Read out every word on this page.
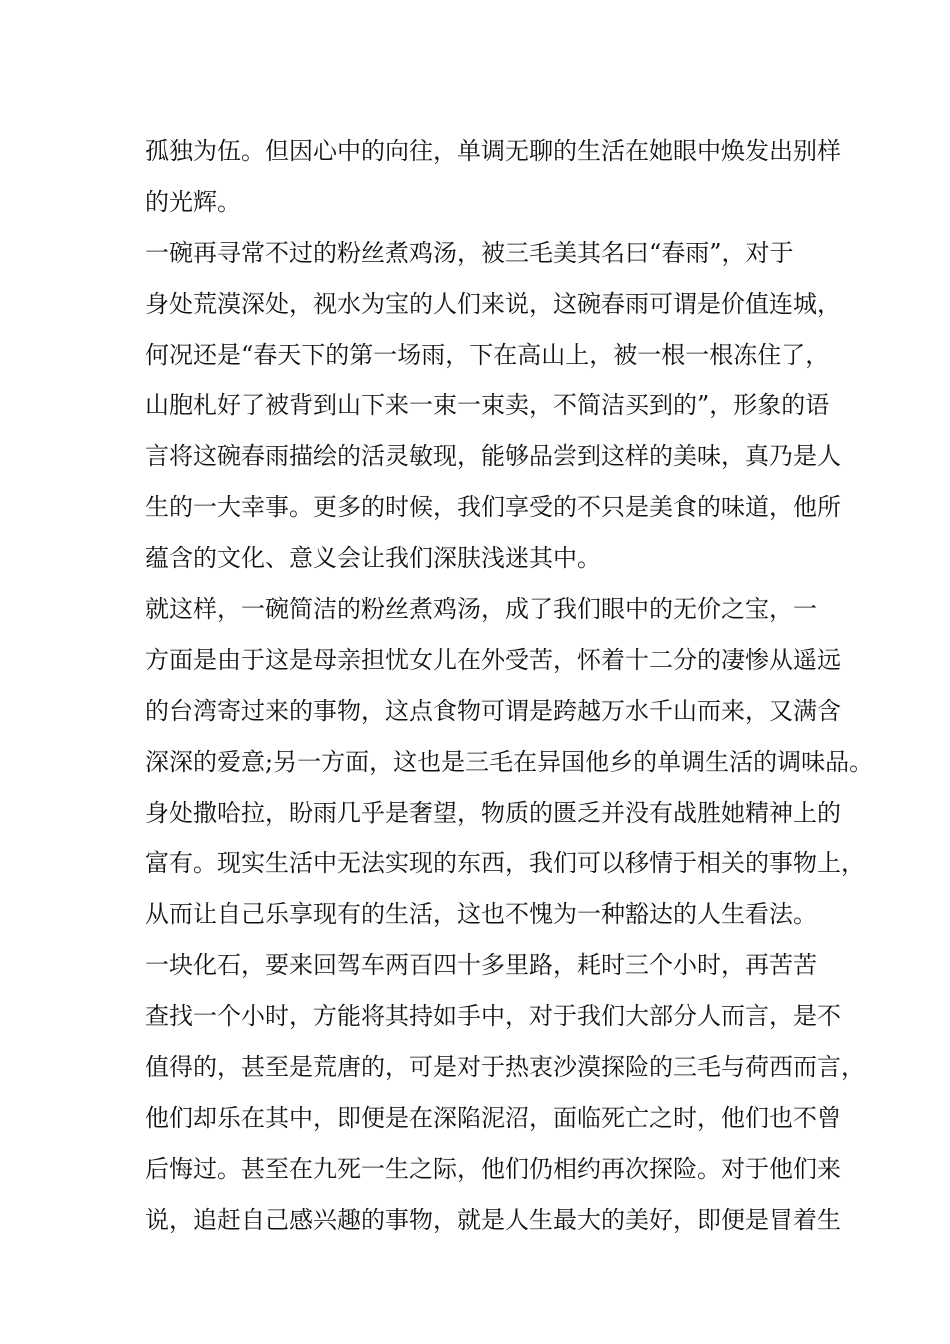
孤独为伍。但因心中的向往，单调无聊的生活在她眼中焕发出别样
的光辉。
一碗再寻常不过的粉丝煮鸡汤，被三毛美其名曰“春雨”，对于
身处荒漠深处，视水为宝的人们来说，这碗春雨可谓是价值连城，
何况还是“春天下的第一场雨，下在高山上，被一根一根冻住了，
山胞札好了被背到山下来一束一束卖，不简洁买到的”，形象的语
言将这碗春雨描绘的活灵敏现，能够品尝到这样的美味，真乃是人
生的一大幸事。更多的时候，我们享受的不只是美食的味道，他所
蕴含的文化、意义会让我们深肤浅迷其中。
就这样，一碗简洁的粉丝煮鸡汤，成了我们眼中的无价之宝，一
方面是由于这是母亲担忧女儿在外受苦，怀着十二分的凄惨从遥远
的台湾寄过来的事物，这点食物可谓是跨越万水千山而来，又满含
深深的爱意;另一方面，这也是三毛在异国他乡的单调生活的调味品。
身处撒哈拉，盼雨几乎是奢望，物质的匮乏并没有战胜她精神上的
富有。现实生活中无法实现的东西，我们可以移情于相关的事物上，
从而让自己乐享现有的生活，这也不愧为一种豁达的人生看法。
一块化石，要来回驾车两百四十多里路，耗时三个小时，再苦苦
查找一个小时，方能将其持如手中，对于我们大部分人而言，是不
值得的，甚至是荒唐的，可是对于热衷沙漠探险的三毛与荷西而言，
他们却乐在其中，即便是在深陷泥沼，面临死亡之时，他们也不曾
后悔过。甚至在九死一生之际，他们仍相约再次探险。对于他们来
说，追赶自己感兴趣的事物，就是人生最大的美好，即便是冒着生
